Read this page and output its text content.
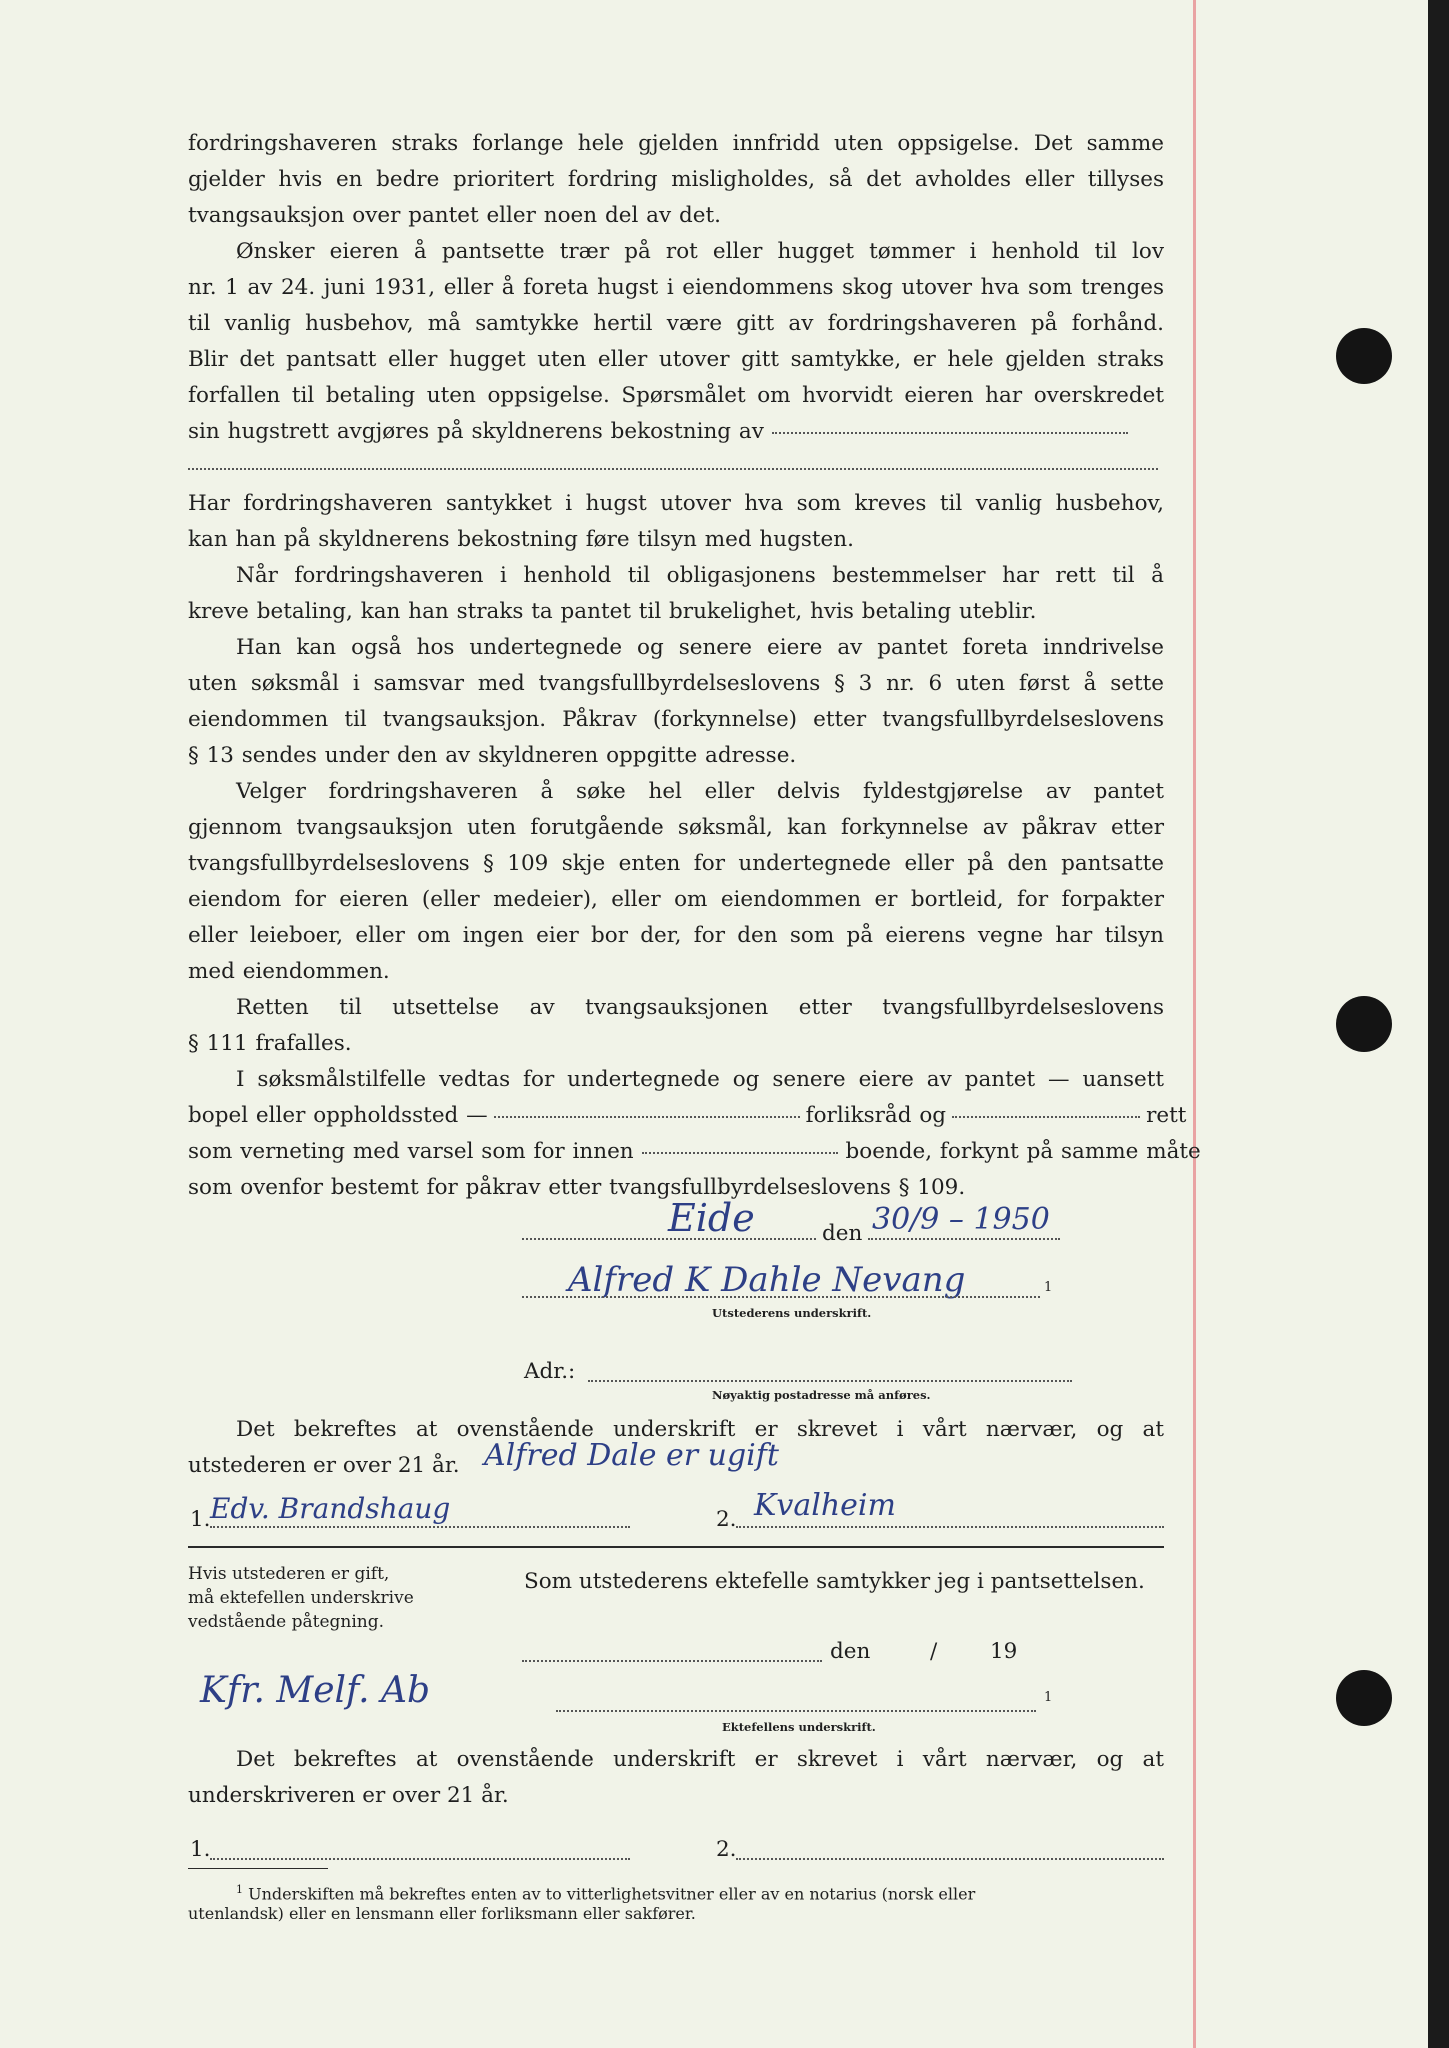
fordringshaveren straks forlange hele gjelden innfridd uten oppsigelse. Det samme

gjelder hvis en bedre prioritert fordring misligholdes, så det avholdes eller tillyses

tvangsauksjon over pantet eller noen del av det.

Ønsker eieren å pantsette trær på rot eller hugget tømmer i henhold til lov

nr. 1 av 24. juni 1931, eller å foreta hugst i eiendommens skog utover hva som trenges

til vanlig husbehov, må samtykke hertil være gitt av fordringshaveren på forhånd.

Blir det pantsatt eller hugget uten eller utover gitt samtykke, er hele gjelden straks

forfallen til betaling uten oppsigelse. Spørsmålet om hvorvidt eieren har overskredet

sin hugstrett avgjøres på skyldnerens bekostning av

Har fordringshaveren santykket i hugst utover hva som kreves til vanlig husbehov,

kan han på skyldnerens bekostning føre tilsyn med hugsten.

Når fordringshaveren i henhold til obligasjonens bestemmelser har rett til å

kreve betaling, kan han straks ta pantet til brukelighet, hvis betaling uteblir.

Han kan også hos undertegnede og senere eiere av pantet foreta inndrivelse

uten søksmål i samsvar med tvangsfullbyrdelseslovens § 3 nr. 6 uten først å sette

eiendommen til tvangsauksjon. Påkrav (forkynnelse) etter tvangsfullbyrdelseslovens

§ 13 sendes under den av skyldneren oppgitte adresse.

Velger fordringshaveren å søke hel eller delvis fyldestgjørelse av pantet

gjennom tvangsauksjon uten forutgående søksmål, kan forkynnelse av påkrav etter

tvangsfullbyrdelseslovens § 109 skje enten for undertegnede eller på den pantsatte

eiendom for eieren (eller medeier), eller om eiendommen er bortleid, for forpakter

eller leieboer, eller om ingen eier bor der, for den som på eierens vegne har tilsyn

med eiendommen.

Retten til utsettelse av tvangsauksjonen etter tvangsfullbyrdelseslovens

§ 111 frafalles.

I søksmålstilfelle vedtas for undertegnede og senere eiere av pantet — uansett

bopel eller oppholdssted —	forliksråd og	rett

som verneting med varsel som for innen	boende, forkynt på samme måte

som ovenfor bestemt for påkrav etter tvangsfullbyrdelseslovens § 109.

Eide	den 30/9 – 1950
Alfred K Dahle Nevang	1
Utstederens underskrift.
Adr.:
Nøyaktig postadresse må anføres.
Det bekreftes at ovenstående underskrift er skrevet i vårt nærvær, og at
utstederen er over 21 år. Alfred Dale er ugift
1. Edv. Brandshaug	2. Kvalheim
Hvis utstederen er gift,
må ektefellen underskrive
vedstående påtegning.
Som utstederens ektefelle samtykker jeg i pantsettelsen.
den	/ 19
Kfr. Melf. Ab	1
Ektefellens underskrift.
Det bekreftes at ovenstående underskrift er skrevet i vårt nærvær, og at
underskriveren er over 21 år.
1.	2.
$^1$ Underskiften må bekreftes enten av to vitterlighetsvitner eller av en notarius (norsk eller
utenlandsk) eller en lensmann eller forliksmann eller sakfører.
